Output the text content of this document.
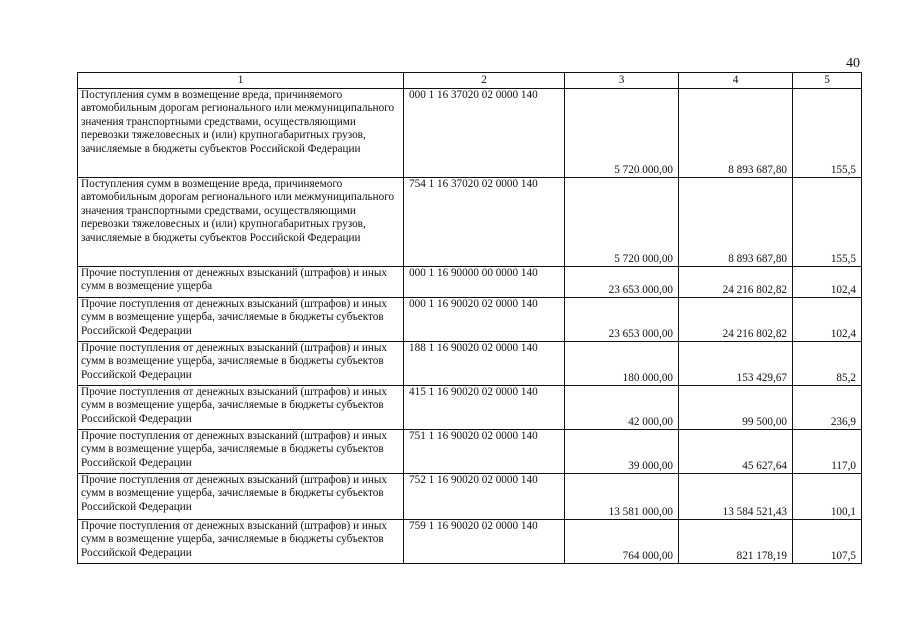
40
1	2	3	4	5
Поступления сумм в возмещение вреда, причиняемого автомобильным дорогам регионального или межмуниципального значения транспортными средствами, осуществляющими перевозки тяжеловесных и (или) крупногабаритных грузов, зачисляемые в бюджеты субъектов Российской Федерации	000 1 16 37020 02 0000 140	5 720 000,00	8 893 687,80	155,5
Поступления сумм в возмещение вреда, причиняемого автомобильным дорогам регионального или межмуниципального значения транспортными средствами, осуществляющими перевозки тяжеловесных и (или) крупногабаритных грузов, зачисляемые в бюджеты субъектов Российской Федерации	754 1 16 37020 02 0000 140	5 720 000,00	8 893 687,80	155,5
Прочие поступления от денежных взысканий (штрафов) и иных сумм в возмещение ущерба	000 1 16 90000 00 0000 140	23 653 000,00	24 216 802,82	102,4
Прочие поступления от денежных взысканий (штрафов) и иных сумм в возмещение ущерба, зачисляемые в бюджеты субъектов Российской Федерации	000 1 16 90020 02 0000 140	23 653 000,00	24 216 802,82	102,4
Прочие поступления от денежных взысканий (штрафов) и иных сумм в возмещение ущерба, зачисляемые в бюджеты субъектов Российской Федерации	188 1 16 90020 02 0000 140	180 000,00	153 429,67	85,2
Прочие поступления от денежных взысканий (штрафов) и иных сумм в возмещение ущерба, зачисляемые в бюджеты субъектов Российской Федерации	415 1 16 90020 02 0000 140	42 000,00	99 500,00	236,9
Прочие поступления от денежных взысканий (штрафов) и иных сумм в возмещение ущерба, зачисляемые в бюджеты субъектов Российской Федерации	751 1 16 90020 02 0000 140	39 000,00	45 627,64	117,0
Прочие поступления от денежных взысканий (штрафов) и иных сумм в возмещение ущерба, зачисляемые в бюджеты субъектов Российской Федерации	752 1 16 90020 02 0000 140	13 581 000,00	13 584 521,43	100,1
Прочие поступления от денежных взысканий (штрафов) и иных сумм в возмещение ущерба, зачисляемые в бюджеты субъектов Российской Федерации	759 1 16 90020 02 0000 140	764 000,00	821 178,19	107,5
